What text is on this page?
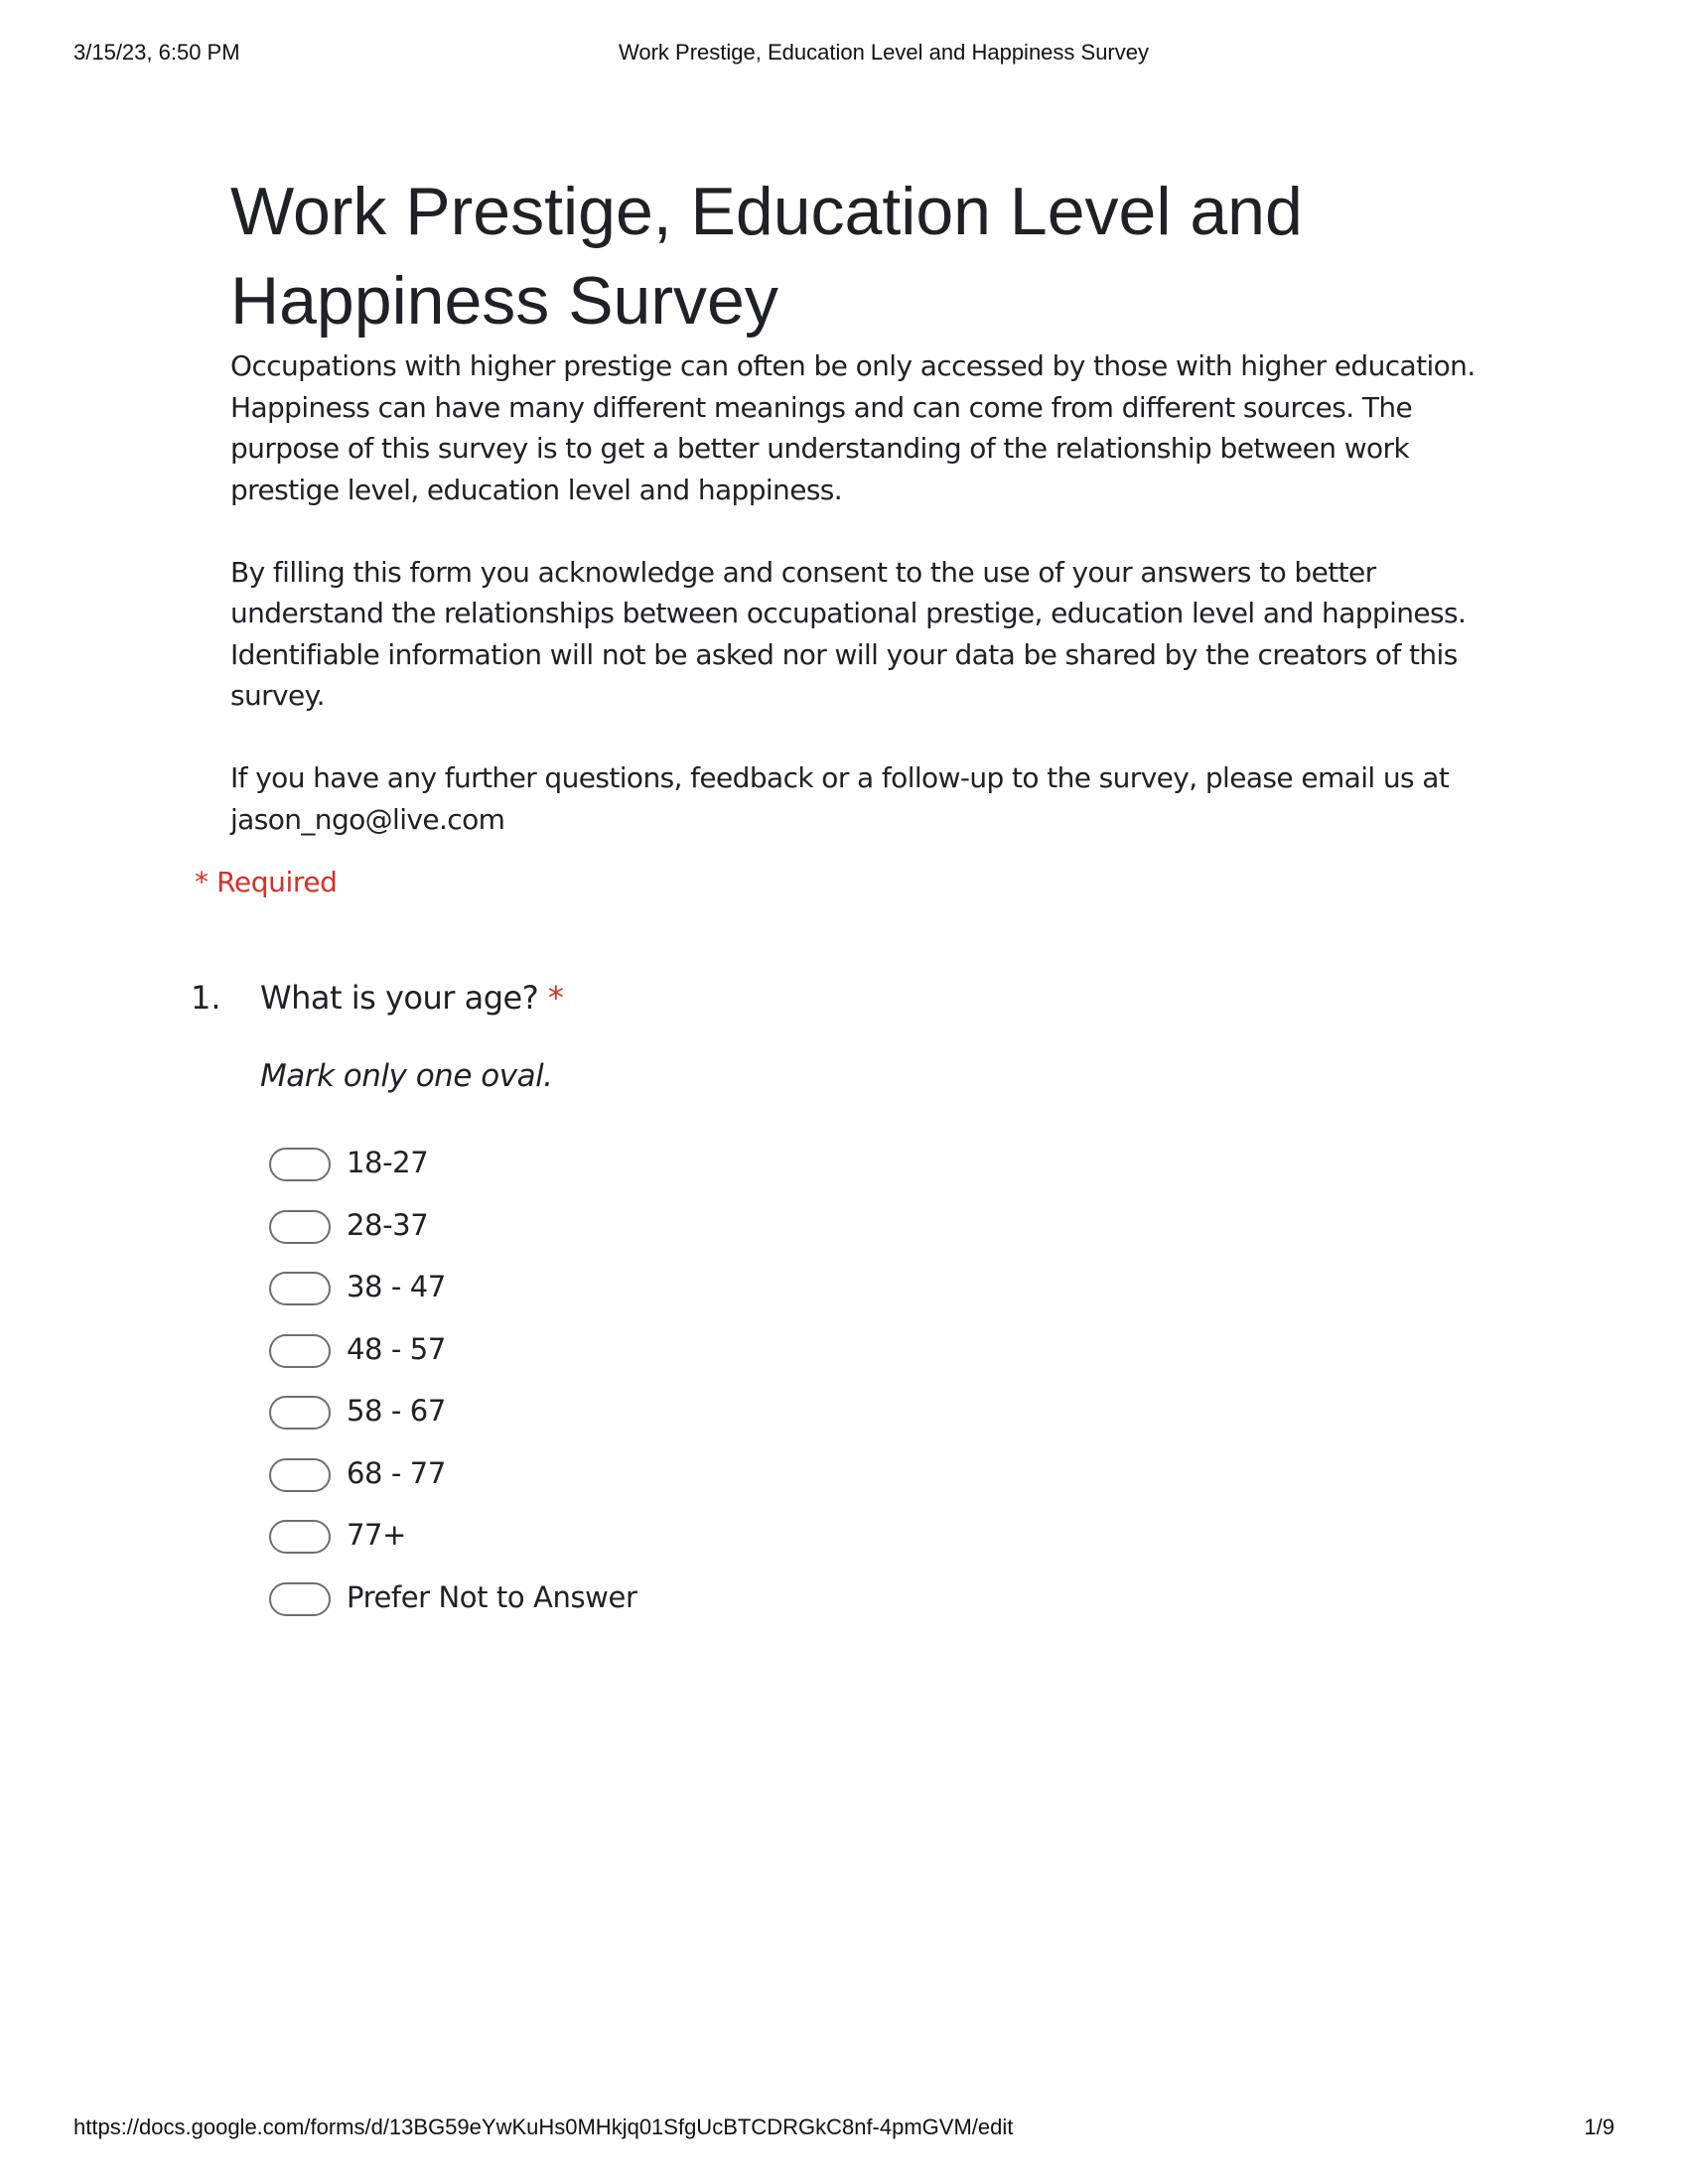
3/15/23, 6:50 PM	Work Prestige, Education Level and Happiness Survey
Work Prestige, Education Level and Happiness Survey

Occupations with higher prestige can often be only accessed by those with higher education. Happiness can have many different meanings and can come from different sources. The purpose of this survey is to get a better understanding of the relationship between work prestige level, education level and happiness.

By filling this form you acknowledge and consent to the use of your answers to better understand the relationships between occupational prestige, education level and happiness. Identifiable information will not be asked nor will your data be shared by the creators of this survey.

If you have any further questions, feedback or a follow-up to the survey, please email us at jason_ngo@live.com

* Required
1. What is your age? *
Mark only one oval.
18-27
28-37
38 - 47
48 - 57
58 - 67
68 - 77
77+
Prefer Not to Answer
https://docs.google.com/forms/d/13BG59eYwKuHs0MHkjq01SfgUcBTCDRGkC8nf-4pmGVM/edit	1/9
